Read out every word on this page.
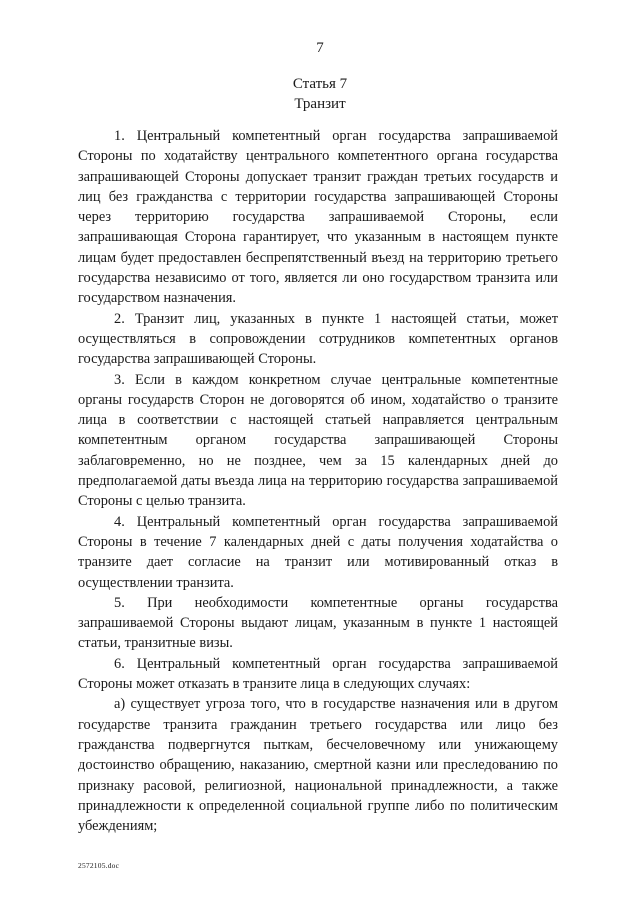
7
Статья 7
Транзит

1. Центральный компетентный орган государства запрашиваемой Стороны по ходатайству центрального компетентного органа государства запрашивающей Стороны допускает транзит граждан третьих государств и лиц без гражданства с территории государства запрашивающей Стороны через территорию государства запрашиваемой Стороны, если запрашивающая Сторона гарантирует, что указанным в настоящем пункте лицам будет предоставлен беспрепятственный въезд на территорию третьего государства независимо от того, является ли оно государством транзита или государством назначения.

2. Транзит лиц, указанных в пункте 1 настоящей статьи, может осуществляться в сопровождении сотрудников компетентных органов государства запрашивающей Стороны.

3. Если в каждом конкретном случае центральные компетентные органы государств Сторон не договорятся об ином, ходатайство о транзите лица в соответствии с настоящей статьей направляется центральным компетентным органом государства запрашивающей Стороны заблаговременно, но не позднее, чем за 15 календарных дней до предполагаемой даты въезда лица на территорию государства запрашиваемой Стороны с целью транзита.

4. Центральный компетентный орган государства запрашиваемой Стороны в течение 7 календарных дней с даты получения ходатайства о транзите дает согласие на транзит или мотивированный отказ в осуществлении транзита.

5. При необходимости компетентные органы государства запрашиваемой Стороны выдают лицам, указанным в пункте 1 настоящей статьи, транзитные визы.

6. Центральный компетентный орган государства запрашиваемой Стороны может отказать в транзите лица в следующих случаях:

а) существует угроза того, что в государстве назначения или в другом государстве транзита гражданин третьего государства или лицо без гражданства подвергнутся пыткам, бесчеловечному или унижающему достоинство обращению, наказанию, смертной казни или преследованию по признаку расовой, религиозной, национальной принадлежности, а также принадлежности к определенной социальной группе либо по политическим убеждениям;

2572105.doc
